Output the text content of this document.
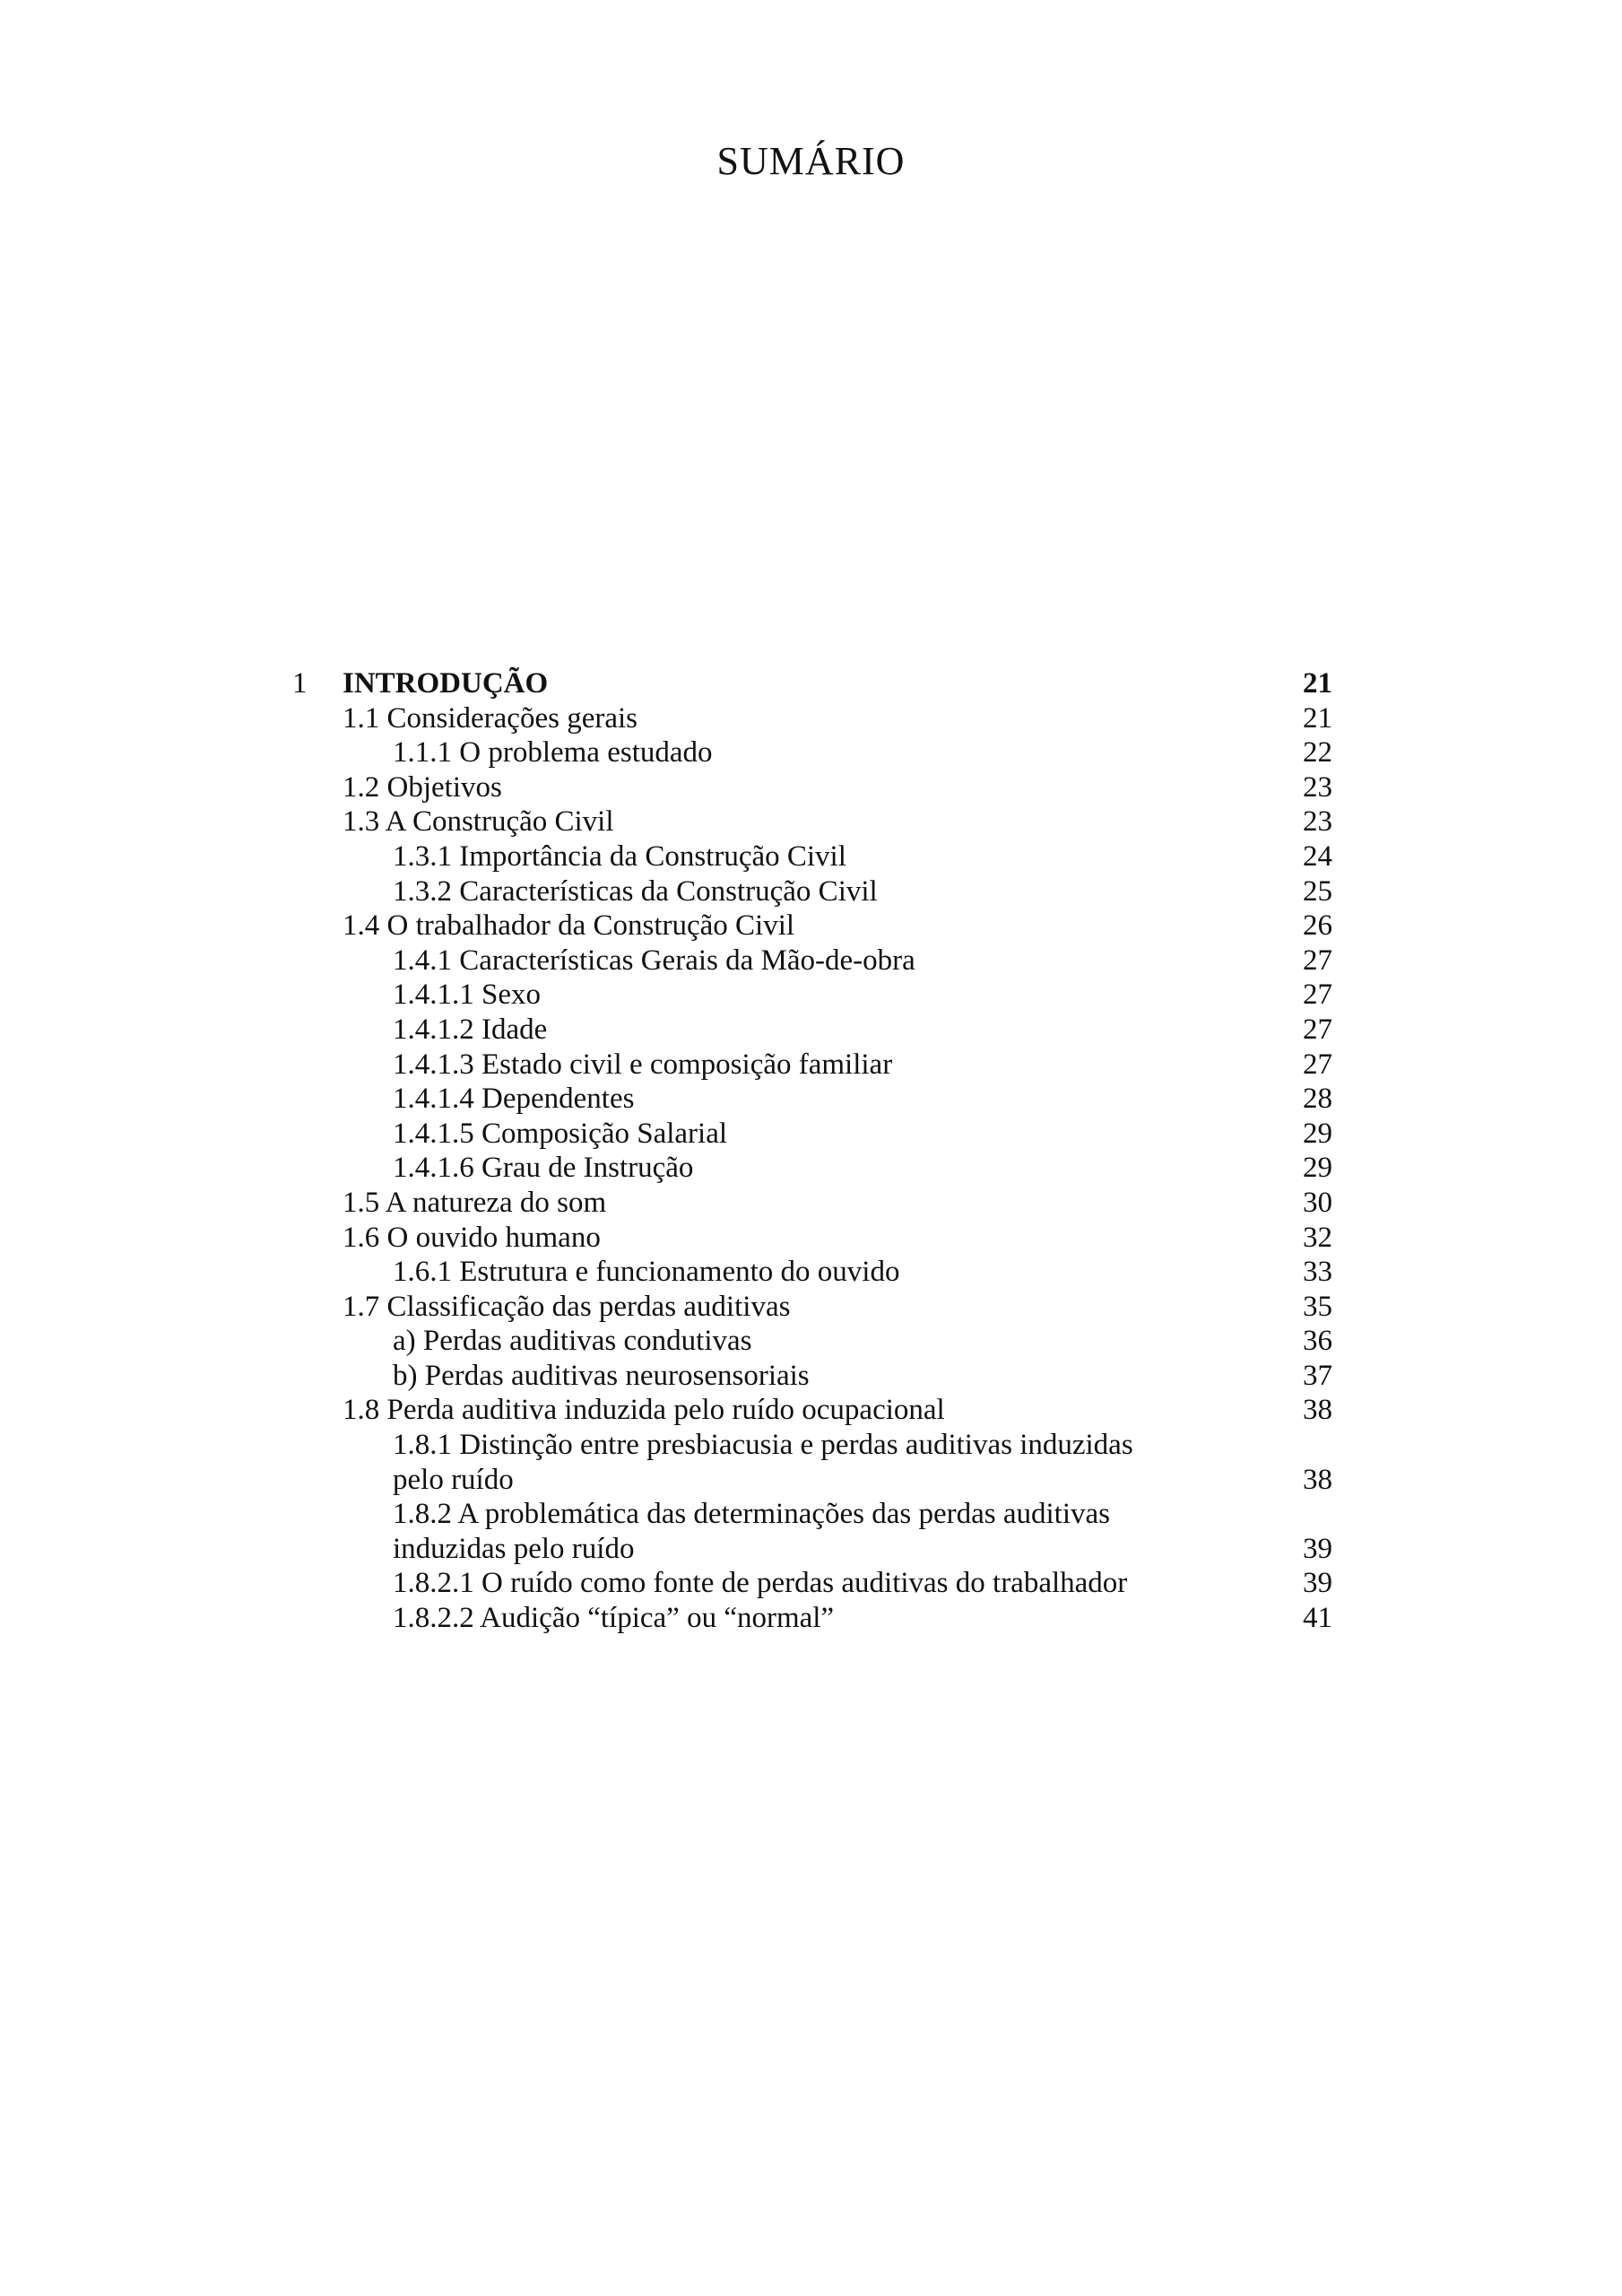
SUMÁRIO
1 INTRODUÇÃO	21
1.1 Considerações gerais	21
1.1.1 O problema estudado	22
1.2 Objetivos	23
1.3 A Construção Civil	23
1.3.1 Importância da Construção Civil	24
1.3.2 Características da Construção Civil	25
1.4 O trabalhador da Construção Civil	26
1.4.1 Características Gerais da Mão-de-obra	27
1.4.1.1 Sexo	27
1.4.1.2 Idade	27
1.4.1.3 Estado civil e composição familiar	27
1.4.1.4 Dependentes	28
1.4.1.5 Composição Salarial	29
1.4.1.6 Grau de Instrução	29
1.5 A natureza do som	30
1.6 O ouvido humano	32
1.6.1 Estrutura e funcionamento do ouvido	33
1.7 Classificação das perdas auditivas	35
a) Perdas auditivas condutivas	36
b) Perdas auditivas neurosensoriais	37
1.8 Perda auditiva induzida pelo ruído ocupacional	38
1.8.1 Distinção entre presbiacusia e perdas auditivas induzidas pelo ruído	38
1.8.2 A problemática das determinações das perdas auditivas induzidas pelo ruído	39
1.8.2.1 O ruído como fonte de perdas auditivas do trabalhador	39
1.8.2.2 Audição “típica” ou “normal”	41
